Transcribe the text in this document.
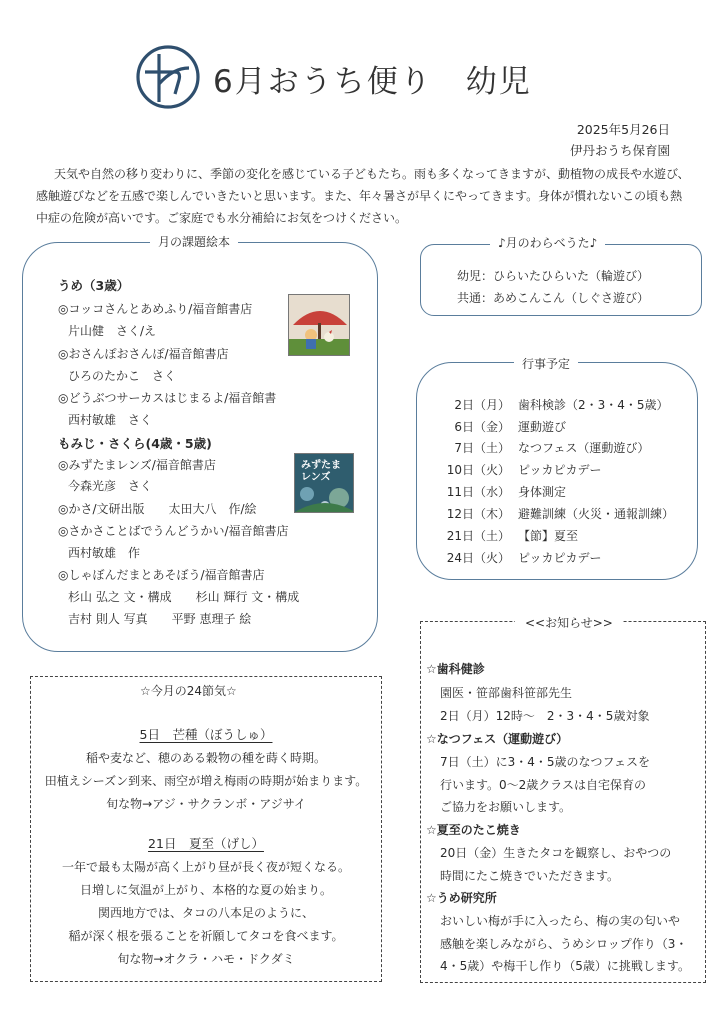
6月おうち便り　幼児
2025年5月26日
伊丹おうち保育園

天気や自然の移り変わりに、季節の変化を感じている子どもたち。雨も多くなってきますが、動植物の成長や水遊び、感触遊びなどを五感で楽しんでいきたいと思います。また、年々暑さが早くにやってきます。身体が慣れないこの頃も熱中症の危険が高いです。ご家庭でも水分補給にお気をつけください。

月の課題絵本
うめ（3歳）
◎コッコさんとあめふり/福音館書店
片山健　さく/え
◎おさんぽおさんぽ/福音館書店
ひろのたかこ　さく
◎どうぶつサーカスはじまるよ/福音館書
西村敏雄　さく
もみじ・さくら(4歳・5歳)
◎みずたまレンズ/福音館書店
今森光彦　さく
◎かさ/文研出版　　太田大八　作/絵
◎さかさことばでうんどうかい/福音館書店
西村敏雄　作
◎しゃぼんだまとあそぼう/福音館書店
杉山 弘之 文・構成　　杉山 輝行 文・構成
吉村 則人 写真　　平野 恵理子 絵
みずたま
レンズ
♪月のわらべうた♪
幼児：ひらいたひらいた（輪遊び）
共通：あめこんこん（しぐさ遊び）
行事予定
2日（月） 歯科検診（2・3・4・5歳）
6日（金） 運動遊び
7日（土） なつフェス（運動遊び）
10日（火） ピッカピカデー
11日（水） 身体測定
12日（木） 避難訓練（火災・通報訓練）
21日（土） 【節】夏至
24日（火） ピッカピカデー
<<お知らせ>>
☆歯科健診
園医・笹部歯科笹部先生
2日（月）12時～　2・3・4・5歳対象
☆なつフェス（運動遊び）
7日（土）に3・4・5歳のなつフェスを
行います。0～2歳クラスは自宅保育の
ご協力をお願いします。
☆夏至のたこ焼き
20日（金）生きたタコを観察し、おやつの
時間にたこ焼きでいただきます。
☆うめ研究所
おいしい梅が手に入ったら、梅の実の匂いや
感触を楽しみながら、うめシロップ作り（3・
4・5歳）や梅干し作り（5歳）に挑戦します。
☆今月の24節気☆
5日　芒種（ぼうしゅ）
稲や麦など、穂のある穀物の種を蒔く時期。
田植えシーズン到来、雨空が増え梅雨の時期が始まります。
旬な物→アジ・サクランボ・アジサイ
21日　夏至（げし）
一年で最も太陽が高く上がり昼が長く夜が短くなる。
日増しに気温が上がり、本格的な夏の始まり。
関西地方では、タコの八本足のように、
稲が深く根を張ることを祈願してタコを食べます。
旬な物→オクラ・ハモ・ドクダミ
